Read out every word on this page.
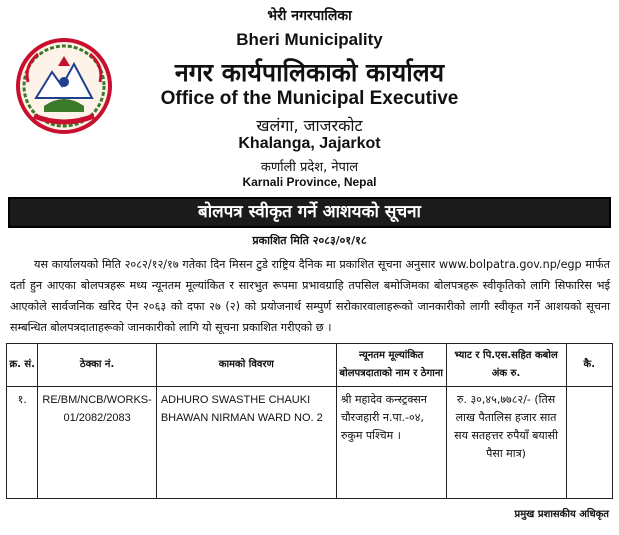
भेरी नगरपालिका
Bheri Municipality
नगर कार्यपालिकाको कार्यालय
Office of the Municipal Executive
खलंगा, जाजरकोट
Khalanga, Jajarkot
कर्णाली प्रदेश, नेपाल
Karnali Province, Nepal
बोलपत्र स्वीकृत गर्ने आशयको सूचना
प्रकाशित मिति २०८३/०१/१८

यस कार्यालयको मिति २०८२/१२/१७ गतेका दिन मिसन टुडे राष्ट्रिय दैनिक मा प्रकाशित सूचना अनुसार www.bolpatra.gov.np/egp मार्फत दर्ता हुन आएका बोलपत्रहरू मध्य न्यूनतम मूल्यांकित र सारभुत रूपमा प्रभावग्राहि तपसिल बमोजिमका बोलपत्रहरू स्वीकृतिको लागि सिफारिस भई आएकोले सार्वजनिक खरिद ऐन २०६३ को दफा २७ (२) को प्रयोजनार्थ सम्पुर्ण सरोकारवालाहरूको जानकारीको लागी स्वीकृत गर्ने आशयको सूचना सम्बन्धित बोलपत्रदाताहरूको जानकारीको लागि यो सूचना प्रकाशित गरीएको छ ।

क्र. सं.	ठेक्का नं.	कामको विवरण	न्यूनतम मूल्यांकित बोलपत्रदाताको नाम र ठेगाना	भ्याट र पि.एस.सहित कबोल अंक रु.	कै.
१.	RE/BM/NCB/WORKS-01/2082/2083	ADHURO SWASTHE CHAUKI BHAWAN NIRMAN WARD NO. 2	श्री महादेव कन्स्ट्रक्सन चौरजहारी न.पा.-०४, रुकुम पश्चिम ।	रु. ३०,४५,७७८२/- (तिस लाख पैतालिस हजार सात सय सतहत्तर रुपैयाँ बयासी पैसा मात्र)	
प्रमुख प्रशासकीय अधिकृत
